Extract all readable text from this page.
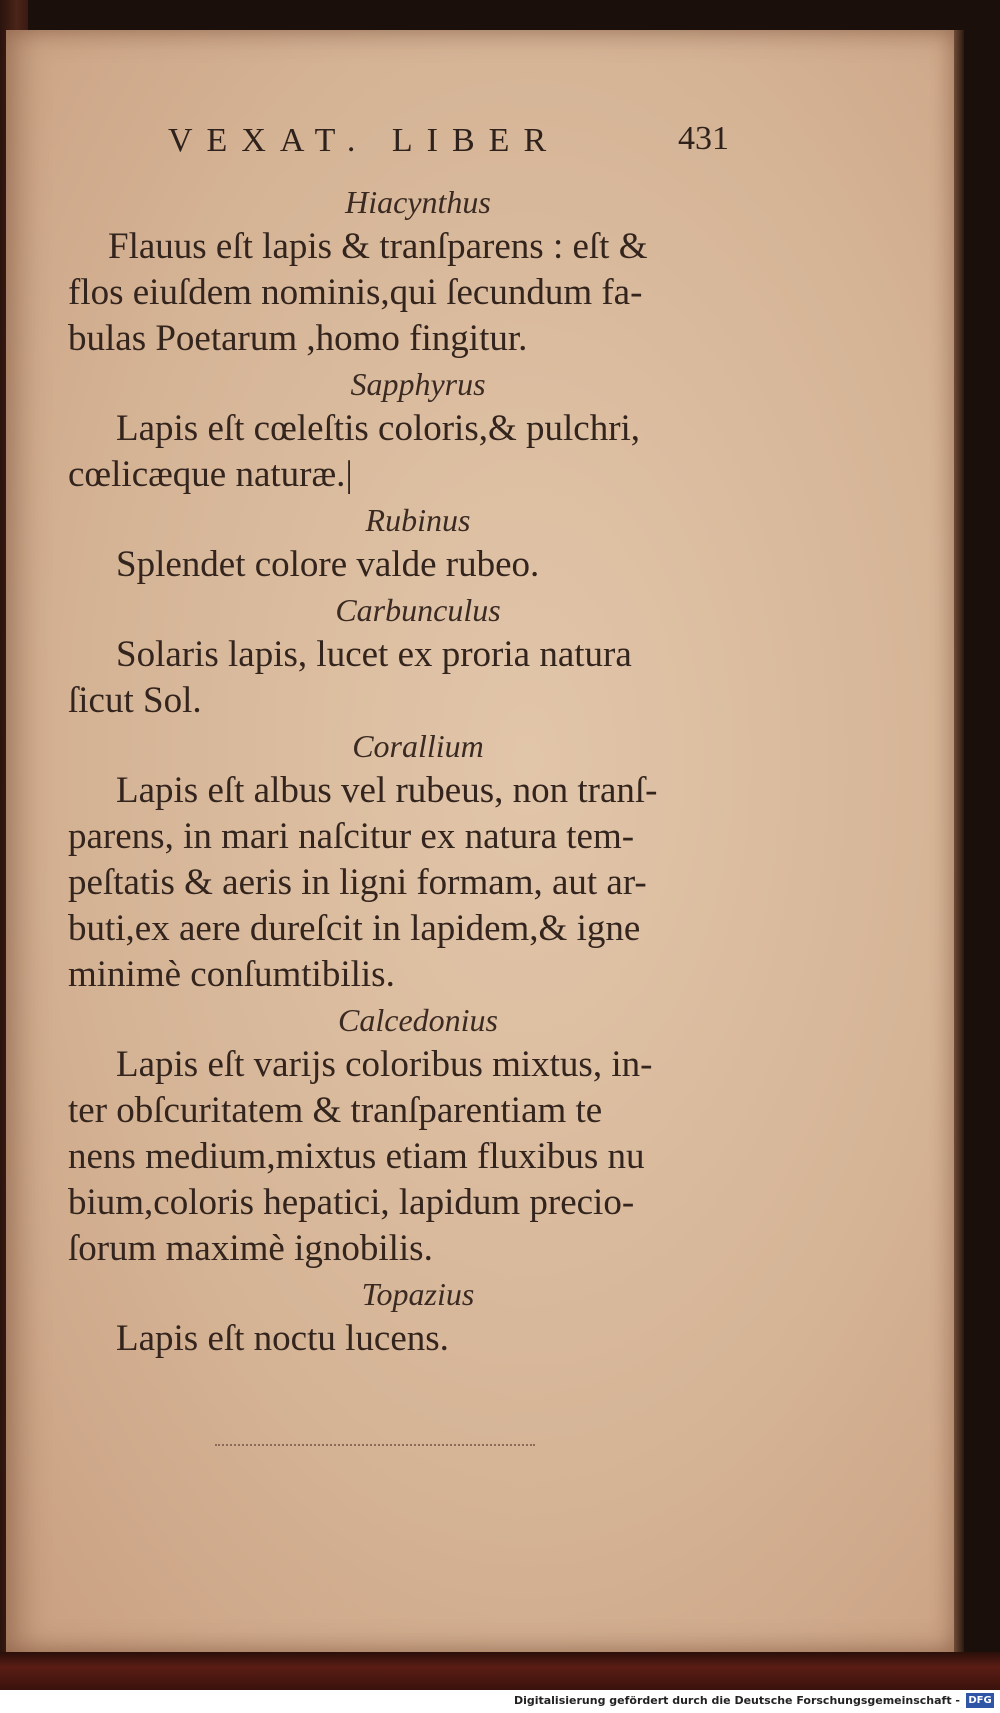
VEXAT. LIBER	431

Hiacynthus

Flauus eſt lapis & tranſparens : eſt &

flos eiuſdem nominis,qui ſecundum fa-

bulas Poetarum ,homo fingitur.

Sapphyrus

Lapis eſt cœleſtis coloris,& pulchri,

cœlicæque naturæ.|

Rubinus

Splendet colore valde rubeo.

Carbunculus

Solaris lapis, lucet ex proria natura

ſicut Sol.

Corallium

Lapis eſt albus vel rubeus, non tranſ-

parens, in mari naſcitur ex natura tem-

peſtatis & aeris in ligni formam, aut ar-

buti,ex aere dureſcit in lapidem,& igne

minimè conſumtibilis.

Calcedonius

Lapis eſt varijs coloribus mixtus, in-

ter obſcuritatem & tranſparentiam te

nens medium,mixtus etiam fluxibus nu

bium,coloris hepatici, lapidum precio-

ſorum maximè ignobilis.

Topazius

Lapis eſt noctu lucens.

Digitalisierung gefördert durch die Deutsche Forschungsgemeinschaft - DFG
